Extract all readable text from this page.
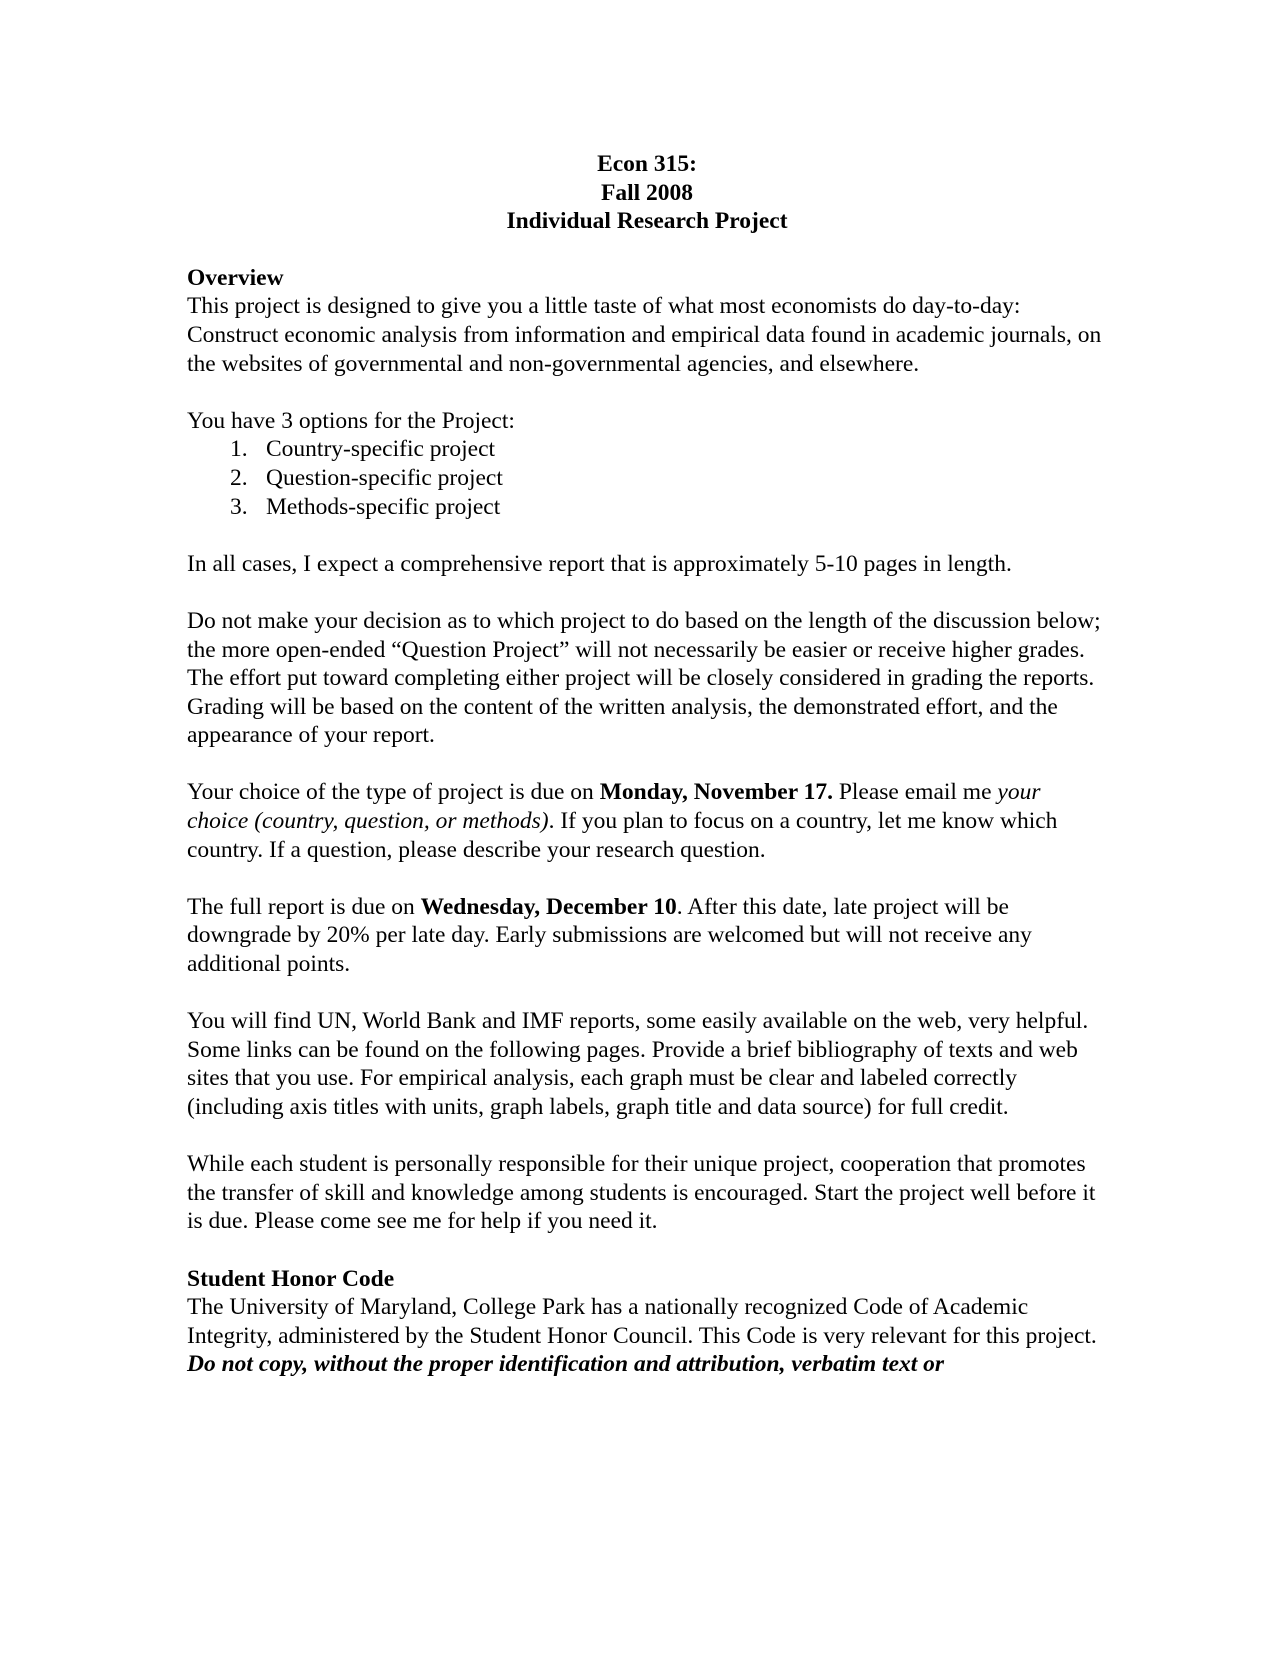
Econ 315:
Fall 2008
Individual Research Project
Overview
This project is designed to give you a little taste of what most economists do day-to-day: Construct economic analysis from information and empirical data found in academic journals, on the websites of governmental and non-governmental agencies, and elsewhere.
You have 3 options for the Project:
1. Country-specific project
2. Question-specific project
3. Methods-specific project

In all cases, I expect a comprehensive report that is approximately 5-10 pages in length.

Do not make your decision as to which project to do based on the length of the discussion below; the more open-ended “Question Project” will not necessarily be easier or receive higher grades. The effort put toward completing either project will be closely considered in grading the reports. Grading will be based on the content of the written analysis, the demonstrated effort, and the appearance of your report.

Your choice of the type of project is due on Monday, November 17. Please email me your choice (country, question, or methods). If you plan to focus on a country, let me know which country. If a question, please describe your research question.

The full report is due on Wednesday, December 10. After this date, late project will be downgrade by 20% per late day. Early submissions are welcomed but will not receive any additional points.

You will find UN, World Bank and IMF reports, some easily available on the web, very helpful. Some links can be found on the following pages. Provide a brief bibliography of texts and web sites that you use. For empirical analysis, each graph must be clear and labeled correctly (including axis titles with units, graph labels, graph title and data source) for full credit.

While each student is personally responsible for their unique project, cooperation that promotes the transfer of skill and knowledge among students is encouraged. Start the project well before it is due. Please come see me for help if you need it.

Student Honor Code
The University of Maryland, College Park has a nationally recognized Code of Academic Integrity, administered by the Student Honor Council. This Code is very relevant for this project. Do not copy, without the proper identification and attribution, verbatim text or
